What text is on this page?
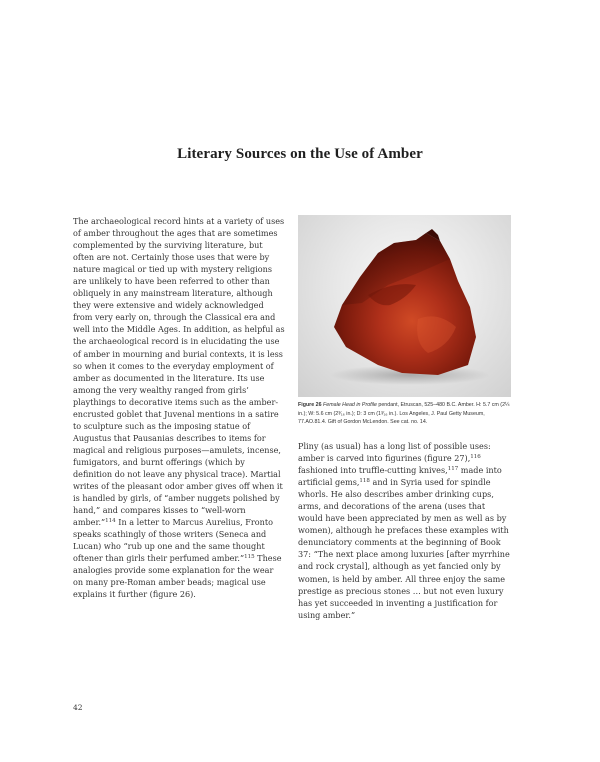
Literary Sources on the Use of Amber

The archaeological record hints at a variety of uses of amber throughout the ages that are sometimes complemented by the surviving literature, but often are not. Certainly those uses that were by nature magical or tied up with mystery religions are unlikely to have been referred to other than obliquely in any mainstream literature, although they were extensive and widely acknowledged from very early on, through the Classical era and well into the Middle Ages. In addition, as helpful as the archaeological record is in elucidating the use of amber in mourning and burial contexts, it is less so when it comes to the everyday employment of amber as documented in the literature. Its use among the very wealthy ranged from girls’ playthings to decorative items such as the amber-encrusted goblet that Juvenal mentions in a satire to sculpture such as the imposing statue of Augustus that Pausanias describes to items for magical and religious purposes—amulets, incense, fumigators, and burnt offerings (which by definition do not leave any physical trace). Martial writes of the pleasant odor amber gives off when it is handled by girls, of “amber nuggets polished by hand,” and compares kisses to “well-worn amber.”$^{114}$ In a letter to Marcus Aurelius, Fronto speaks scathingly of those writers (Seneca and Lucan) who “rub up one and the same thought oftener than girls their perfumed amber.”$^{115}$ These analogies provide some explanation for the wear on many pre-Roman amber beads; magical use explains it further (figure 26).

Figure 26 Female Head in Profile pendant, Etruscan, 525–480 B.C. Amber. H: 5.7 cm (2¼ in.); W: 5.6 cm (2³⁄₁₆ in.); D: 3 cm (1³⁄₁₆ in.). Los Angeles, J. Paul Getty Museum, 77.AO.81.4. Gift of Gordon McLendon. See cat. no. 14.

Pliny (as usual) has a long list of possible uses: amber is carved into figurines (figure 27),$^{116}$ fashioned into truffle-cutting knives,$^{117}$ made into artificial gems,$^{118}$ and in Syria used for spindle whorls. He also describes amber drinking cups, arms, and decorations of the arena (uses that would have been appreciated by men as well as by women), although he prefaces these examples with denunciatory comments at the beginning of Book 37: “The next place among luxuries [after myrrhine and rock crystal], although as yet fancied only by women, is held by amber. All three enjoy the same prestige as precious stones … but not even luxury has yet succeeded in inventing a justification for using amber.”

42
